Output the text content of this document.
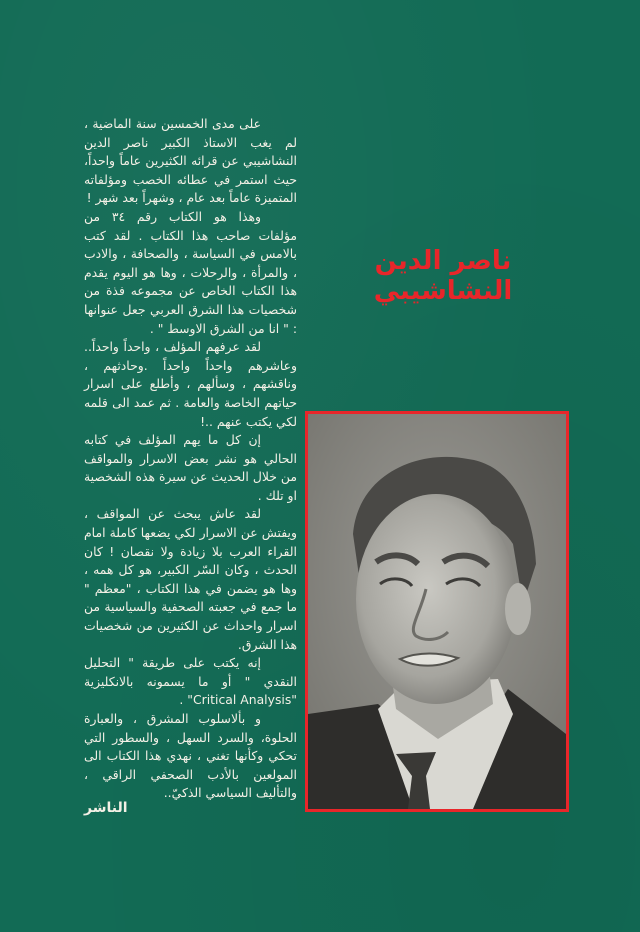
على مدى الخمسين سنة الماضية ، لم يغب الاستاذ الكبير ناصر الدين النشاشيبي عن قرائه الكثيرين عاماً واحداً، حيث استمر في عطائه الخصب ومؤلفاته المتميزة عاماً بعد عام ، وشهراً بعد شهر !

وهذا هو الكتاب رقم ٣٤ من مؤلفات صاحب هذا الكتاب . لقد كتب بالامس في السياسة ، والصحافة ، والادب ، والمرأة ، والرحلات ، وها هو اليوم يقدم هذا الكتاب الخاص عن مجموعه فذة من شخصيات هذا الشرق العربي جعل عنوانها : " انا من الشرق الاوسط " .

لقد عرفهم المؤلف ، واحداً واحداً.. وعاشرهم واحداً واحداً .وحادثهم ، وناقشهم ، وسألهم ، وأطلع على اسرار حياتهم الخاصة والعامة . ثم عمد الى قلمه لكي يكتب عنهم ..!

إن كل ما يهم المؤلف في كتابه الحالي هو نشر بعض الاسرار والمواقف من خلال الحديث عن سيرة هذه الشخصية او تلك .

لقد عاش يبحث عن المواقف ، ويفتش عن الاسرار لكي يضعها كاملة امام القراء العرب بلا زيادة ولا نقصان ! كان الحدث ، وكان السّر الكبير، هو كل همه ، وها هو يضمن في هذا الكتاب ، "معظم " ما جمع في جعبته الصحفية والسياسية من اسرار واحداث عن الكثيرين من شخصيات هذا الشرق.

إنه يكتب على طريقة " التحليل النقدي " أو ما يسمونه بالانكليزية "Critical Analysis" .

و بألاسلوب المشرق ، والعبارة الحلوة، والسرد السهل ، والسطور التي تحكي وكأنها تغني ، نهدي هذا الكتاب الى المولعين بالأدب الصحفي الراقي ، والتأليف السياسي الذكيّ..

الناشر
ناصر الدين النشاشيبي
